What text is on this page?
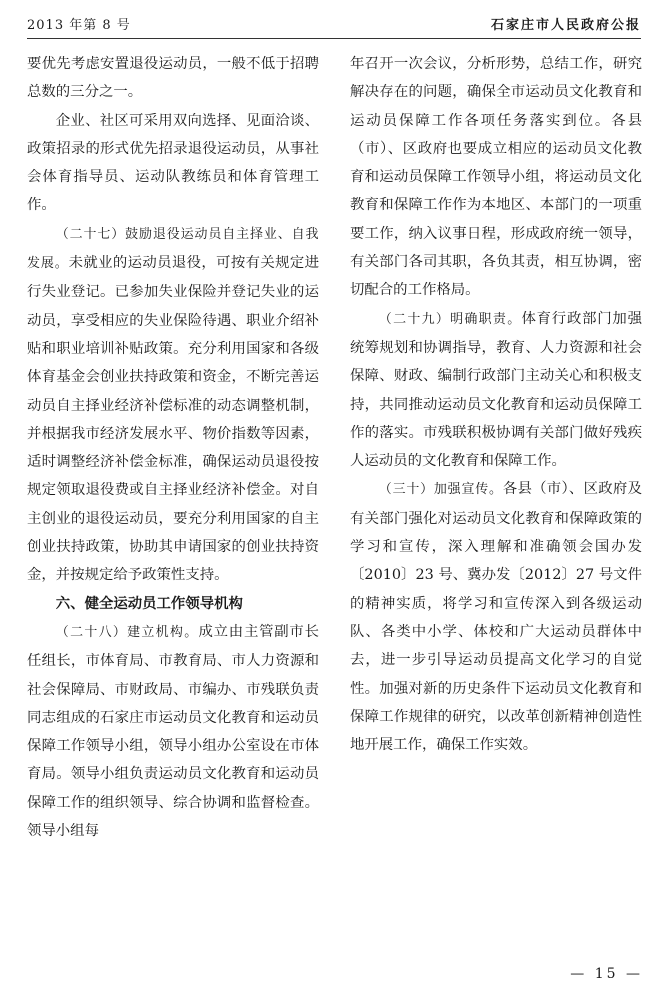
2013 年第 8 号	石家庄市人民政府公报

要优先考虑安置退役运动员，一般不低于招聘总数的三分之一。

企业、社区可采用双向选择、见面洽谈、政策招录的形式优先招录退役运动员，从事社会体育指导员、运动队教练员和体育管理工作。

（二十七）鼓励退役运动员自主择业、自我发展。未就业的运动员退役，可按有关规定进行失业登记。已参加失业保险并登记失业的运动员，享受相应的失业保险待遇、职业介绍补贴和职业培训补贴政策。充分利用国家和各级体育基金会创业扶持政策和资金，不断完善运动员自主择业经济补偿标准的动态调整机制，并根据我市经济发展水平、物价指数等因素，适时调整经济补偿金标准，确保运动员退役按规定领取退役费或自主择业经济补偿金。对自主创业的退役运动员，要充分利用国家的自主创业扶持政策，协助其申请国家的创业扶持资金，并按规定给予政策性支持。

六、健全运动员工作领导机构

（二十八）建立机构。成立由主管副市长任组长，市体育局、市教育局、市人力资源和社会保障局、市财政局、市编办、市残联负责同志组成的石家庄市运动员文化教育和运动员保障工作领导小组，领导小组办公室设在市体育局。领导小组负责运动员文化教育和运动员保障工作的组织领导、综合协调和监督检查。领导小组每

年召开一次会议，分析形势，总结工作，研究解决存在的问题，确保全市运动员文化教育和运动员保障工作各项任务落实到位。各县（市）、区政府也要成立相应的运动员文化教育和运动员保障工作领导小组，将运动员文化教育和保障工作作为本地区、本部门的一项重要工作，纳入议事日程，形成政府统一领导，有关部门各司其职，各负其责，相互协调，密切配合的工作格局。

（二十九）明确职责。体育行政部门加强统筹规划和协调指导，教育、人力资源和社会保障、财政、编制行政部门主动关心和积极支持，共同推动运动员文化教育和运动员保障工作的落实。市残联积极协调有关部门做好残疾人运动员的文化教育和保障工作。

（三十）加强宣传。各县（市）、区政府及有关部门强化对运动员文化教育和保障政策的学习和宣传，深入理解和准确领会国办发〔2010〕23 号、冀办发〔2012〕27 号文件的精神实质，将学习和宣传深入到各级运动队、各类中小学、体校和广大运动员群体中去，进一步引导运动员提高文化学习的自觉性。加强对新的历史条件下运动员文化教育和保障工作规律的研究，以改革创新精神创造性地开展工作，确保工作实效。

— 15 —
